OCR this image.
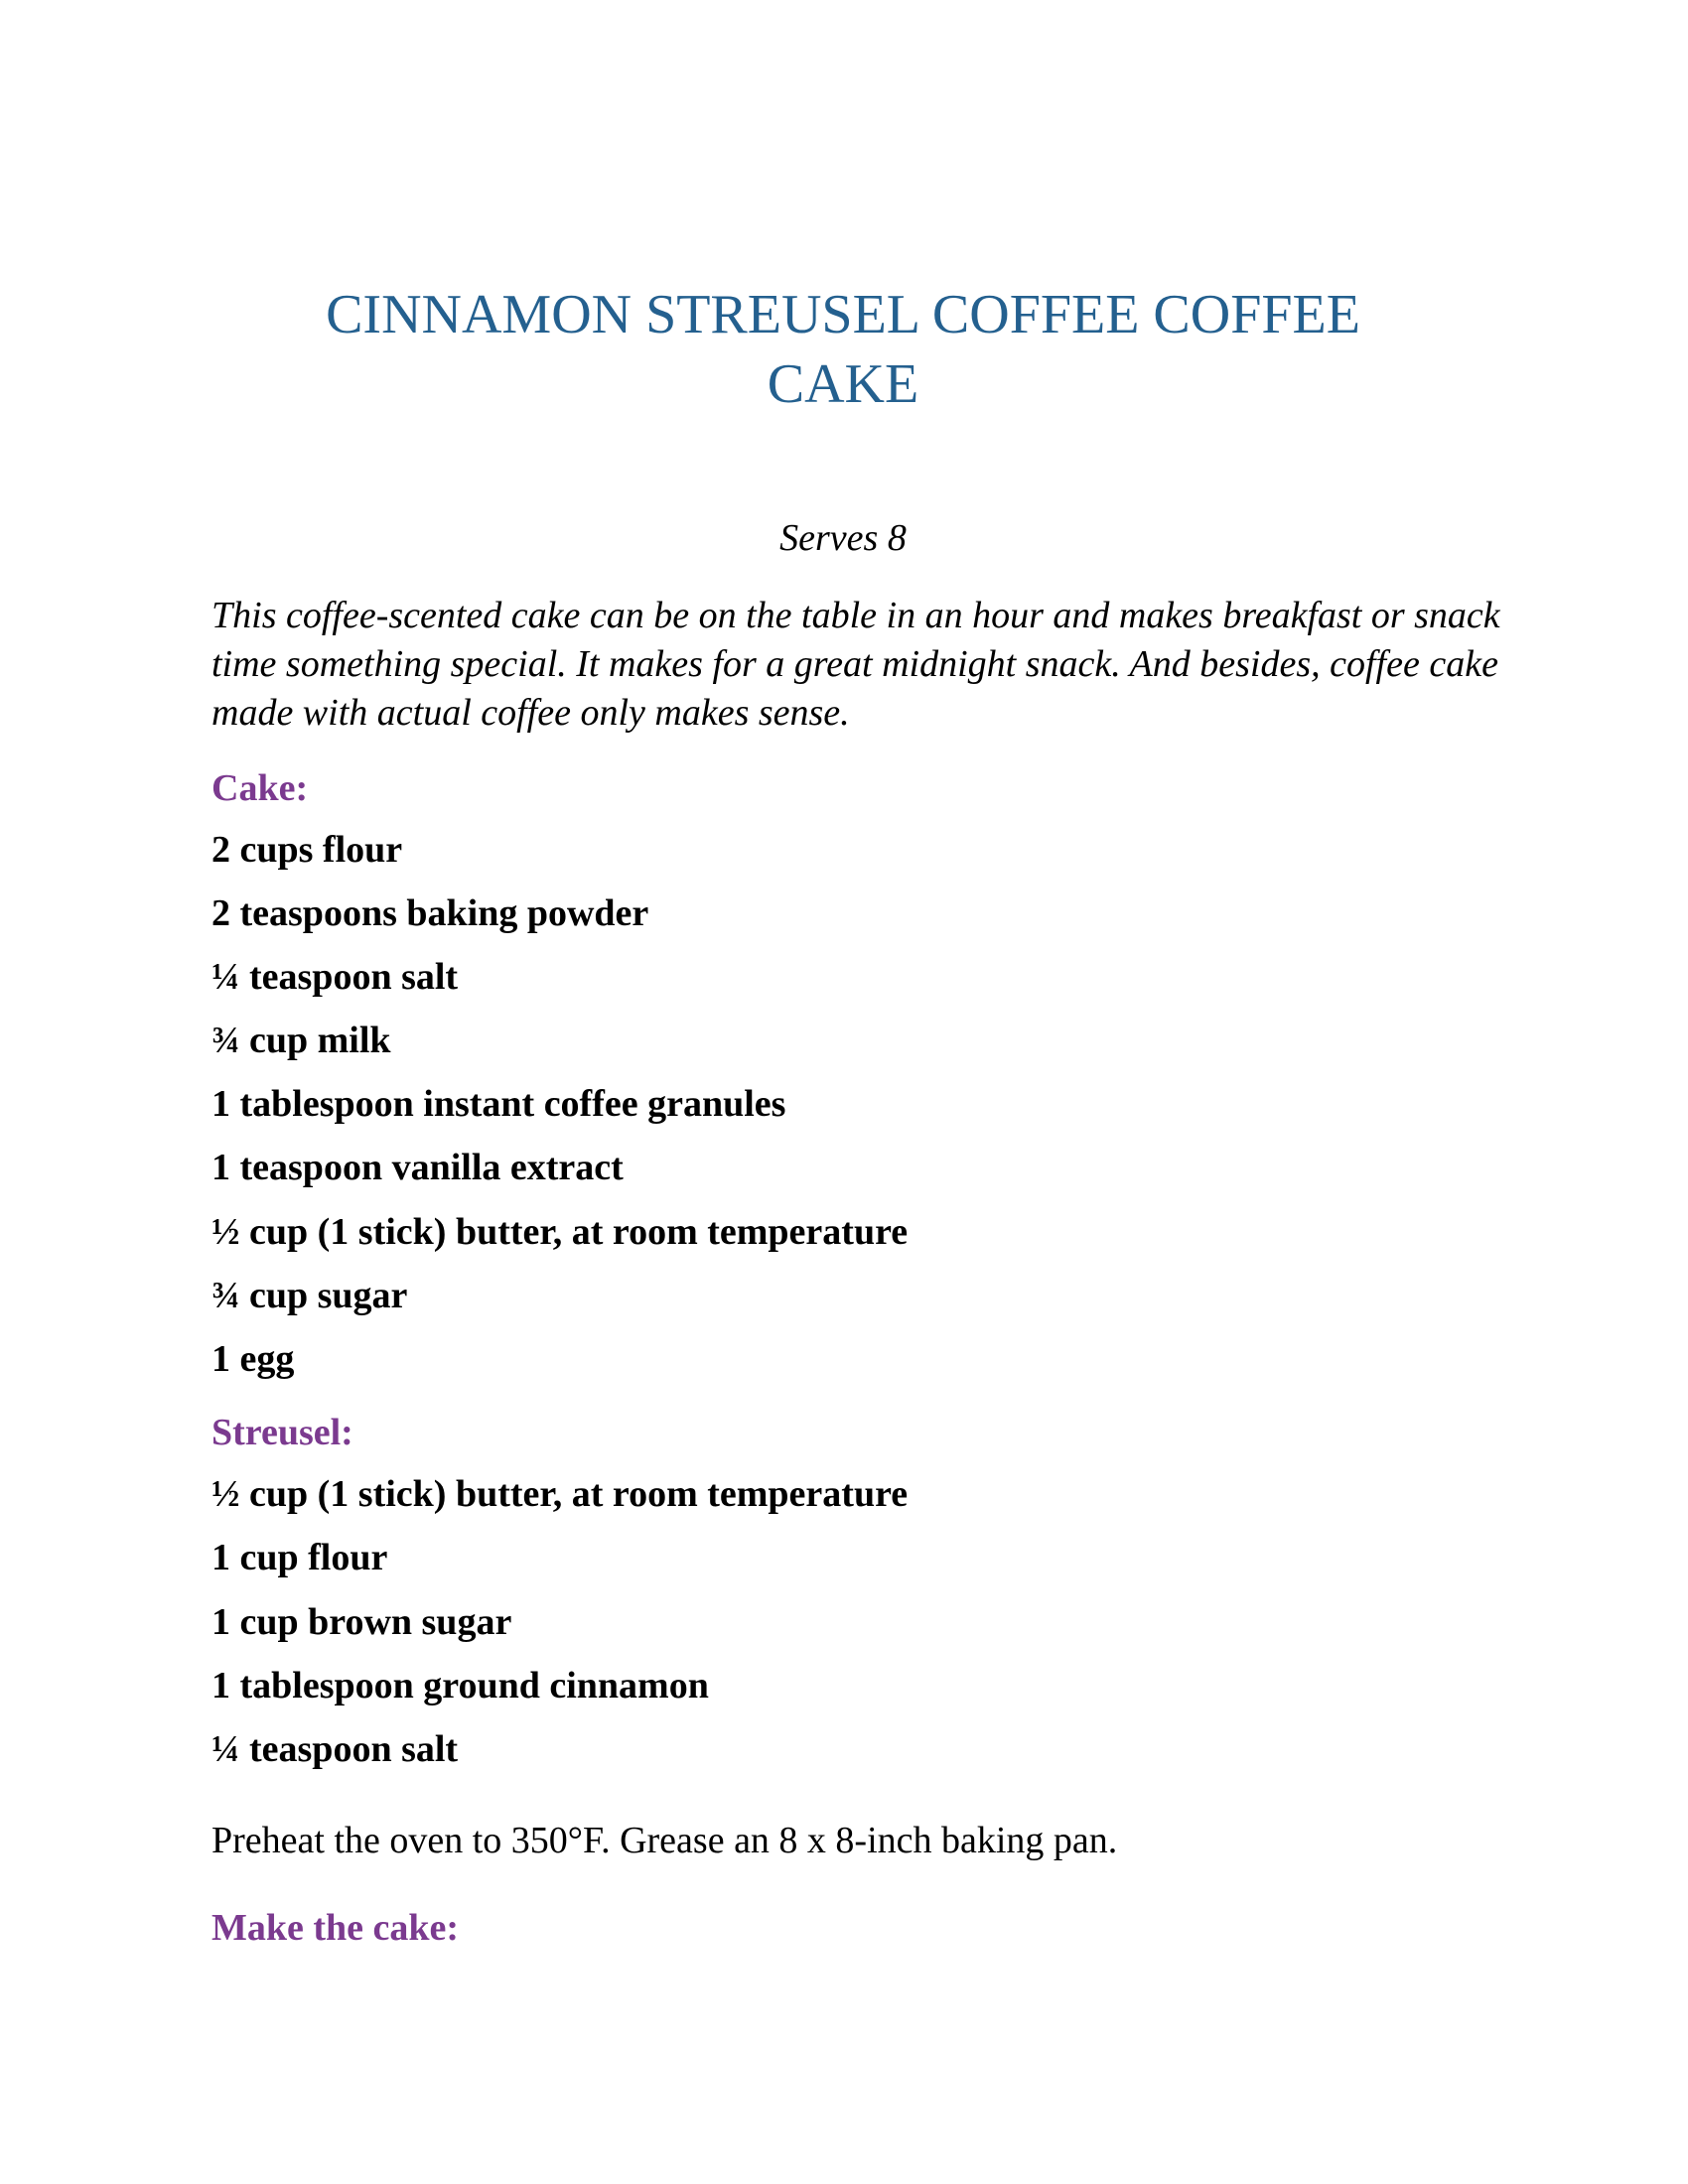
CINNAMON STREUSEL COFFEE COFFEE
CAKE

Serves 8

This coffee-scented cake can be on the table in an hour and makes breakfast or snack time something special. It makes for a great midnight snack. And besides, coffee cake made with actual coffee only makes sense.

Cake:

2 cups flour

2 teaspoons baking powder

¼ teaspoon salt

¾ cup milk

1 tablespoon instant coffee granules

1 teaspoon vanilla extract

½ cup (1 stick) butter, at room temperature

¾ cup sugar

1 egg

Streusel:

½ cup (1 stick) butter, at room temperature

1 cup flour

1 cup brown sugar

1 tablespoon ground cinnamon

¼ teaspoon salt

Preheat the oven to 350°F. Grease an 8 x 8-inch baking pan.

Make the cake:
